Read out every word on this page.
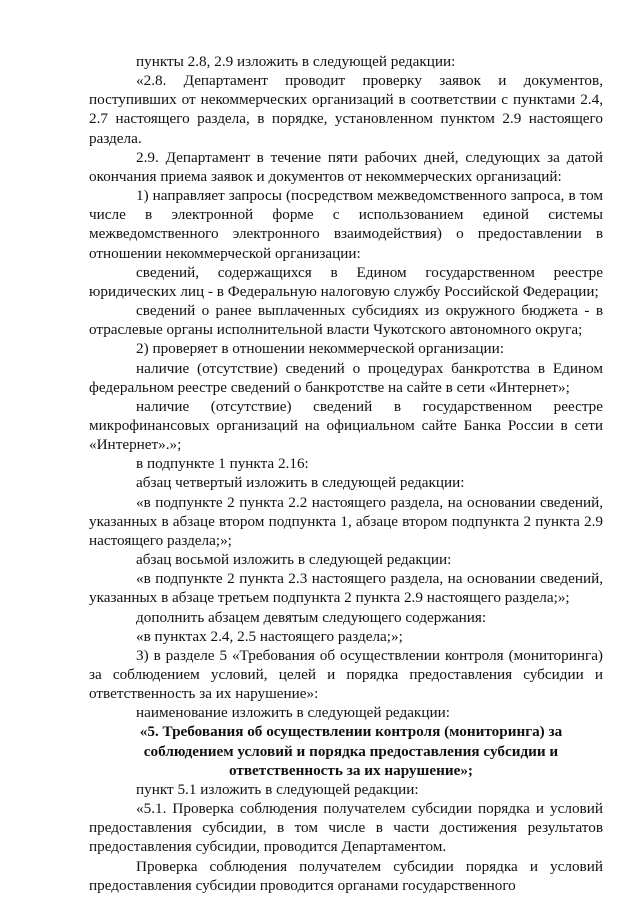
пункты 2.8, 2.9 изложить в следующей редакции:

«2.8. Департамент проводит проверку заявок и документов, поступивших от некоммерческих организаций в соответствии с пунктами 2.4, 2.7 настоящего раздела, в порядке, установленном пунктом 2.9 настоящего раздела.

2.9. Департамент в течение пяти рабочих дней, следующих за датой окончания приема заявок и документов от некоммерческих организаций:

1) направляет запросы (посредством межведомственного запроса, в том числе в электронной форме с использованием единой системы межведомственного электронного взаимодействия) о предоставлении в отношении некоммерческой организации:

сведений, содержащихся в Едином государственном реестре юридических лиц - в Федеральную налоговую службу Российской Федерации;

сведений о ранее выплаченных субсидиях из окружного бюджета - в отраслевые органы исполнительной власти Чукотского автономного округа;

2) проверяет в отношении некоммерческой организации:

наличие (отсутствие) сведений о процедурах банкротства в Едином федеральном реестре сведений о банкротстве на сайте в сети «Интернет»;

наличие (отсутствие) сведений в государственном реестре микрофинансовых организаций на официальном сайте Банка России в сети «Интернет».»;

в подпункте 1 пункта 2.16:

абзац четвертый изложить в следующей редакции:

«в подпункте 2 пункта 2.2 настоящего раздела, на основании сведений, указанных в абзаце втором подпункта 1, абзаце втором подпункта 2 пункта 2.9 настоящего раздела;»;

абзац восьмой изложить в следующей редакции:

«в подпункте 2 пункта 2.3 настоящего раздела, на основании сведений, указанных в абзаце третьем подпункта 2 пункта 2.9 настоящего раздела;»;

дополнить абзацем девятым следующего содержания:

«в пунктах 2.4, 2.5 настоящего раздела;»;

3) в разделе 5 «Требования об осуществлении контроля (мониторинга) за соблюдением условий, целей и порядка предоставления субсидии и ответственность за их нарушение»:

наименование изложить в следующей редакции:

«5. Требования об осуществлении контроля (мониторинга) за соблюдением условий и порядка предоставления субсидии и ответственность за их нарушение»;

пункт 5.1 изложить в следующей редакции:

«5.1. Проверка соблюдения получателем субсидии порядка и условий предоставления субсидии, в том числе в части достижения результатов предоставления субсидии, проводится Департаментом.

Проверка соблюдения получателем субсидии порядка и условий предоставления субсидии проводится органами государственного
